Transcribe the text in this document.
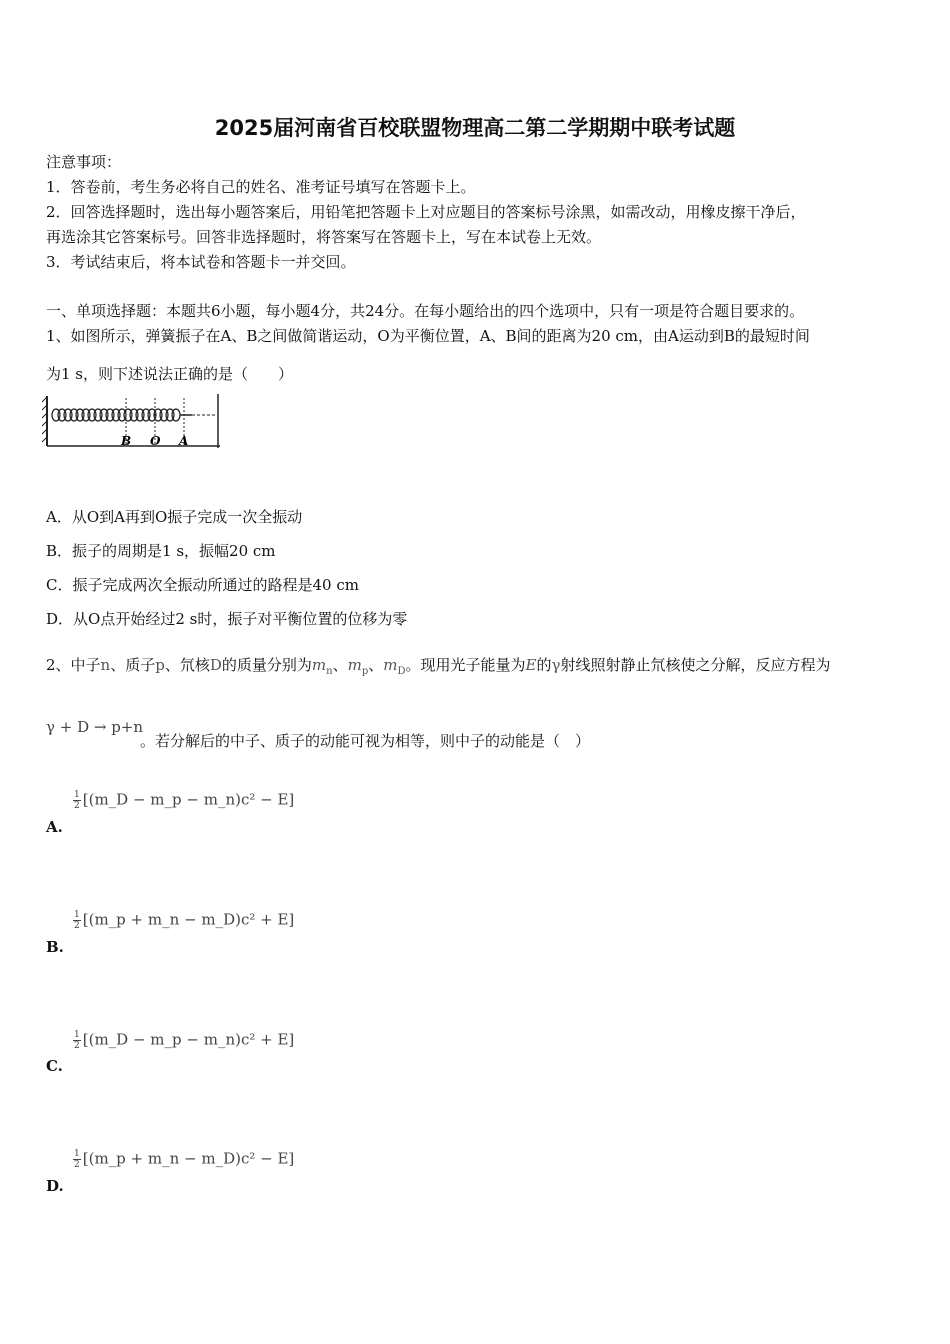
2025届河南省百校联盟物理高二第二学期期中联考试题
注意事项：
1．答卷前，考生务必将自己的姓名、准考证号填写在答题卡上。
2．回答选择题时，选出每小题答案后，用铅笔把答题卡上对应题目的答案标号涂黑，如需改动，用橡皮擦干净后，
再选涂其它答案标号。回答非选择题时，将答案写在答题卡上，写在本试卷上无效。
3．考试结束后，将本试卷和答题卡一并交回。
一、单项选择题：本题共6小题，每小题4分，共24分。在每小题给出的四个选项中，只有一项是符合题目要求的。
1、如图所示，弹簧振子在A、B之间做简谐运动，O为平衡位置，A、B间的距离为20 cm，由A运动到B的最短时间
为1 s，则下述说法正确的是（　　）
B O A
A．从O到A再到O振子完成一次全振动
B．振子的周期是1 s，振幅20 cm
C．振子完成两次全振动所通过的路程是40 cm
D．从O点开始经过2 s时，振子对平衡位置的位移为零
2、中子n、质子p、氘核D的质量分别为$m_n$、$m_p$、$m_D$。现用光子能量为E的γ射线照射静止氘核使之分解，反应方程为
γ + D → p+n
。若分解后的中子、质子的动能可视为相等，则中子的动能是（　）
$\frac{1}{2}$ [(m_D − m_p − m_n)c² − E]
A.
$\frac{1}{2}$ [(m_p + m_n − m_D)c² + E]
B.
$\frac{1}{2}$ [(m_D − m_p − m_n)c² + E]
C.
$\frac{1}{2}$ [(m_p + m_n − m_D)c² − E]
D.
